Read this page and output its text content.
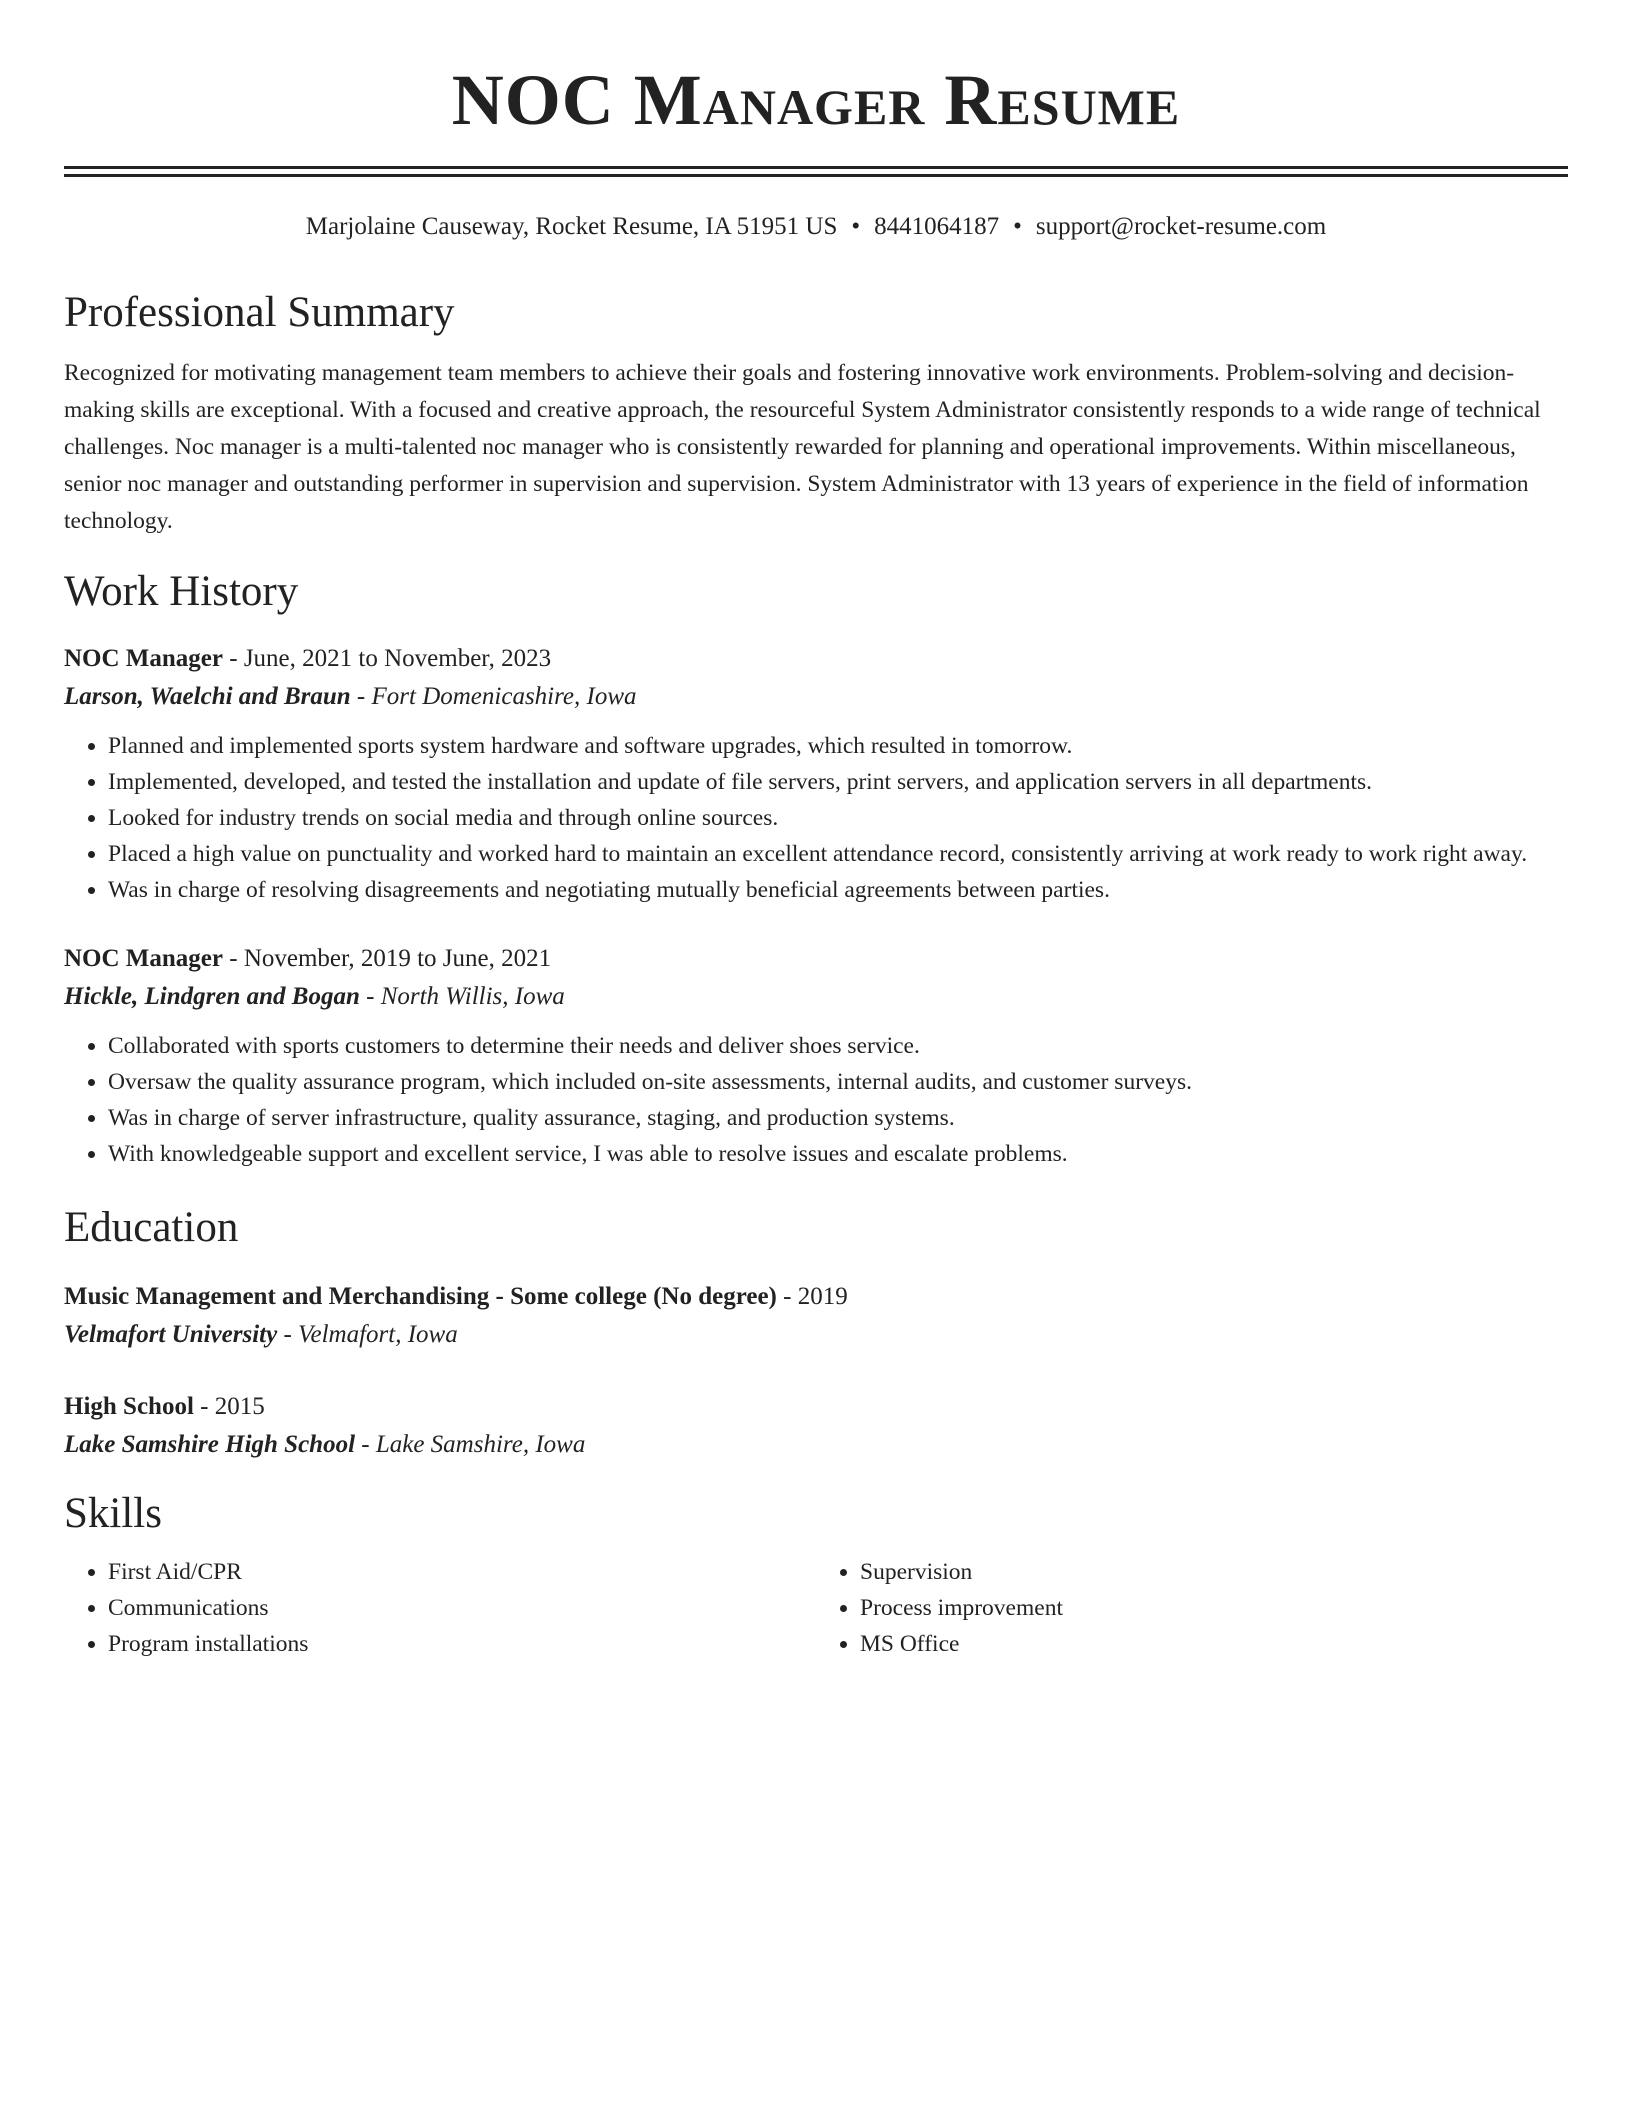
NOC Manager Resume
Marjolaine Causeway, Rocket Resume, IA 51951 US • 8441064187 • support@rocket-resume.com
Professional Summary

Recognized for motivating management team members to achieve their goals and fostering innovative work environments. Problem-solving and decision-making skills are exceptional. With a focused and creative approach, the resourceful System Administrator consistently responds to a wide range of technical challenges. Noc manager is a multi-talented noc manager who is consistently rewarded for planning and operational improvements. Within miscellaneous, senior noc manager and outstanding performer in supervision and supervision. System Administrator with 13 years of experience in the field of information technology.

Work History
NOC Manager - June, 2021 to November, 2023
Larson, Waelchi and Braun - Fort Domenicashire, Iowa
• Planned and implemented sports system hardware and software upgrades, which resulted in tomorrow.
• Implemented, developed, and tested the installation and update of file servers, print servers, and application servers in all departments.
• Looked for industry trends on social media and through online sources.
• Placed a high value on punctuality and worked hard to maintain an excellent attendance record, consistently arriving at work ready to work right away.
• Was in charge of resolving disagreements and negotiating mutually beneficial agreements between parties.
NOC Manager - November, 2019 to June, 2021
Hickle, Lindgren and Bogan - North Willis, Iowa
• Collaborated with sports customers to determine their needs and deliver shoes service.
• Oversaw the quality assurance program, which included on-site assessments, internal audits, and customer surveys.
• Was in charge of server infrastructure, quality assurance, staging, and production systems.
• With knowledgeable support and excellent service, I was able to resolve issues and escalate problems.
Education
Music Management and Merchandising - Some college (No degree) - 2019
Velmafort University - Velmafort, Iowa
High School - 2015
Lake Samshire High School - Lake Samshire, Iowa
Skills
• First Aid/CPR
• Communications
• Program installations
• Supervision
• Process improvement
• MS Office
